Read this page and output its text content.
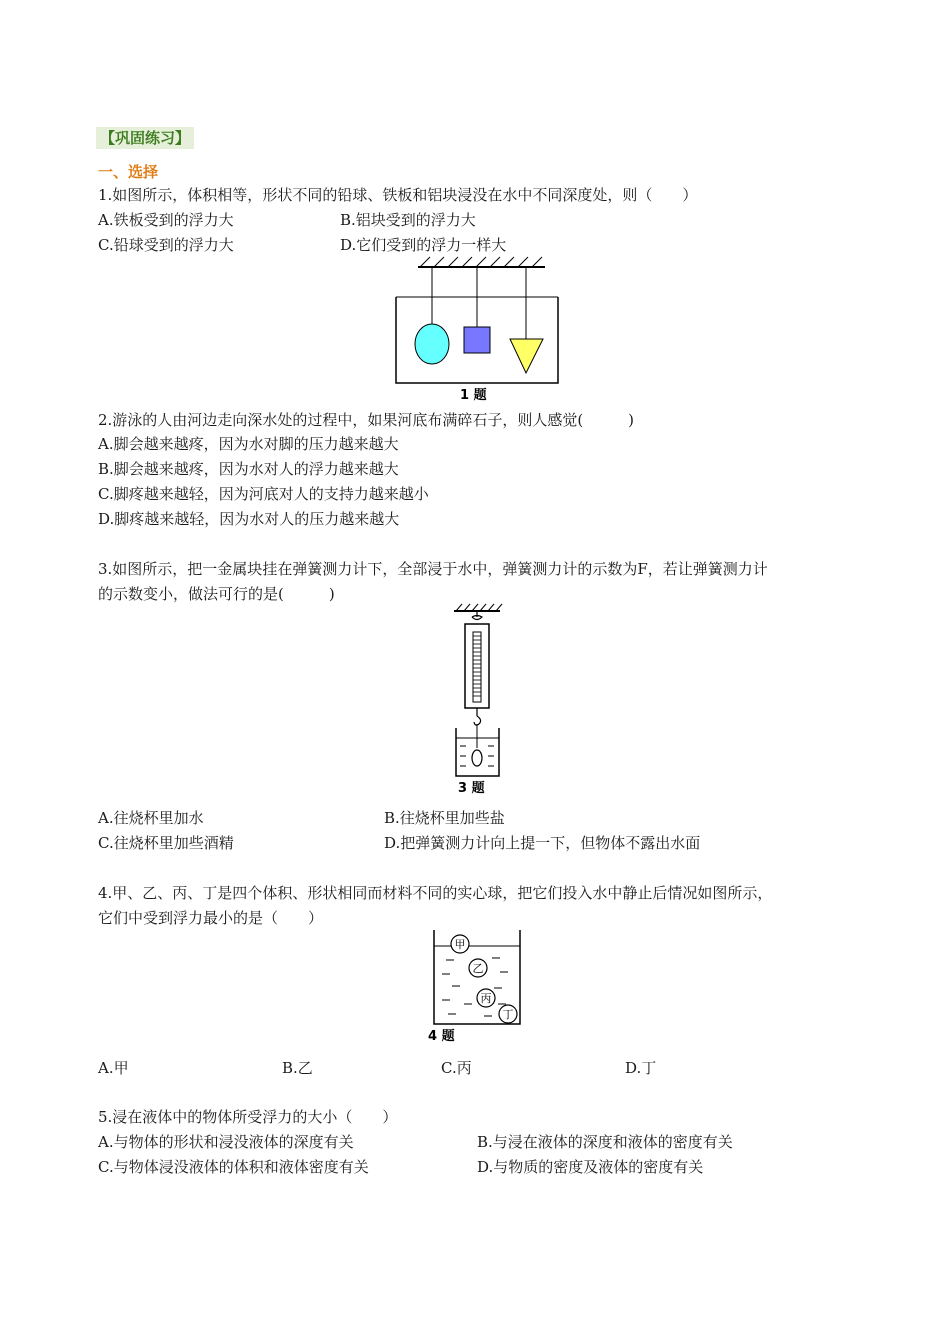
【巩固练习】
一、选择
1.如图所示，体积相等，形状不同的铅球、铁板和铝块浸没在水中不同深度处，则（　　）
A.铁板受到的浮力大	B.铝块受到的浮力大
C.铅球受到的浮力大	D.它们受到的浮力一样大
1 题
2.游泳的人由河边走向深水处的过程中，如果河底布满碎石子，则人感觉(　　　)
A.脚会越来越疼，因为水对脚的压力越来越大
B.脚会越来越疼，因为水对人的浮力越来越大
C.脚疼越来越轻，因为河底对人的支持力越来越小
D.脚疼越来越轻，因为水对人的压力越来越大
3.如图所示，把一金属块挂在弹簧测力计下，全部浸于水中，弹簧测力计的示数为F，若让弹簧测力计
的示数变小，做法可行的是(　　　)
3 题
A.往烧杯里加水	B.往烧杯里加些盐
C.往烧杯里加些酒精	D.把弹簧测力计向上提一下，但物体不露出水面
4.甲、乙、丙、丁是四个体积、形状相同而材料不同的实心球，把它们投入水中静止后情况如图所示，
它们中受到浮力最小的是（　　）
甲
乙
丙
丁
4 题
A.甲	B.乙	C.丙	D.丁
5.浸在液体中的物体所受浮力的大小（　　）
A.与物体的形状和浸没液体的深度有关	B.与浸在液体的深度和液体的密度有关
C.与物体浸没液体的体积和液体密度有关	D.与物质的密度及液体的密度有关
